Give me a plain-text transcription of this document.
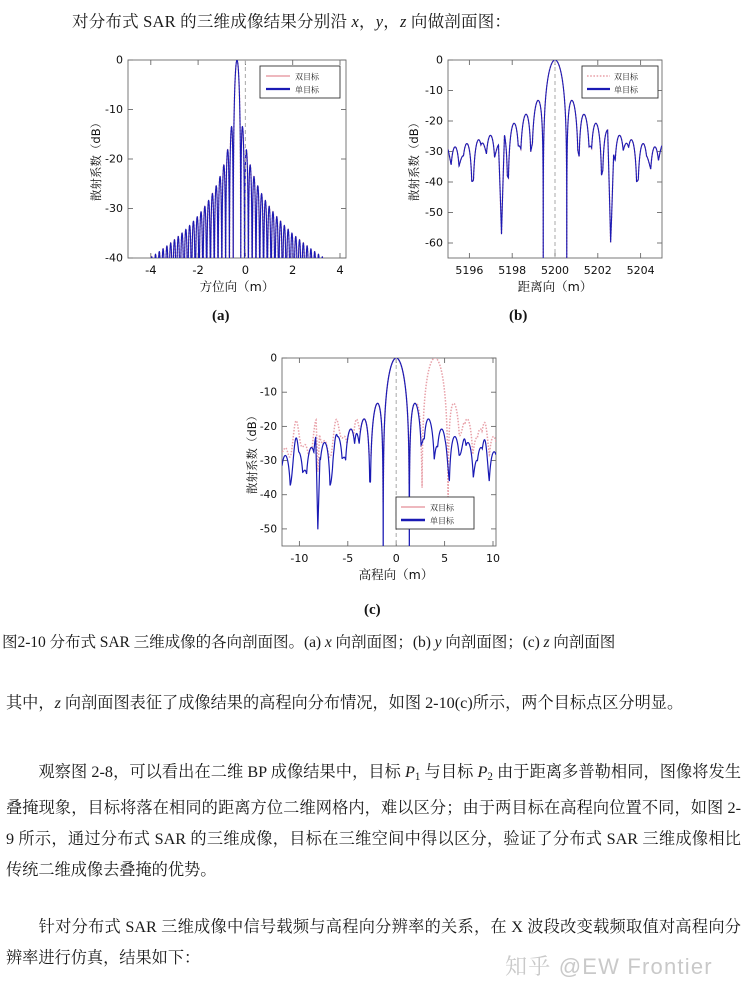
对分布式 SAR 的三维成像结果分别沿 x，y，z 向做剖面图：
0
-10
-20
-30
-40
-4	-2	0	2	4
方位向（m）
散射系数（dB）
双目标
单目标
0
-10
-20
-30
-40
-50
-60
5196 5198 5200 5202 5204
距离向（m）
散射系数（dB）
双目标
单目标
(a)	(b)
0
-10
-20
-30
-40
-50
-10	-5	0	5	10
高程向（m）
散射系数（dB）
双目标
单目标
(c)
图2-10 分布式 SAR 三维成像的各向剖面图。(a) x 向剖面图；(b) y 向剖面图；(c) z 向剖面图
其中，z 向剖面图表征了成像结果的高程向分布情况，如图 2-10(c)所示，两个目标点区分明显。
观察图 2-8，可以看出在二维 BP 成像结果中，目标 $P_1$ 与目标 $P_2$ 由于距离多普勒相同，图像将发生叠掩现象，目标将落在相同的距离方位二维网格内，难以区分；由于两目标在高程向位置不同，如图 2-9 所示，通过分布式 SAR 的三维成像，目标在三维空间中得以区分，验证了分布式 SAR 三维成像相比传统二维成像去叠掩的优势。
针对分布式 SAR 三维成像中信号载频与高程向分辨率的关系，在 X 波段改变载频取值对高程向分辨率进行仿真，结果如下：	知乎 @EW Frontier
